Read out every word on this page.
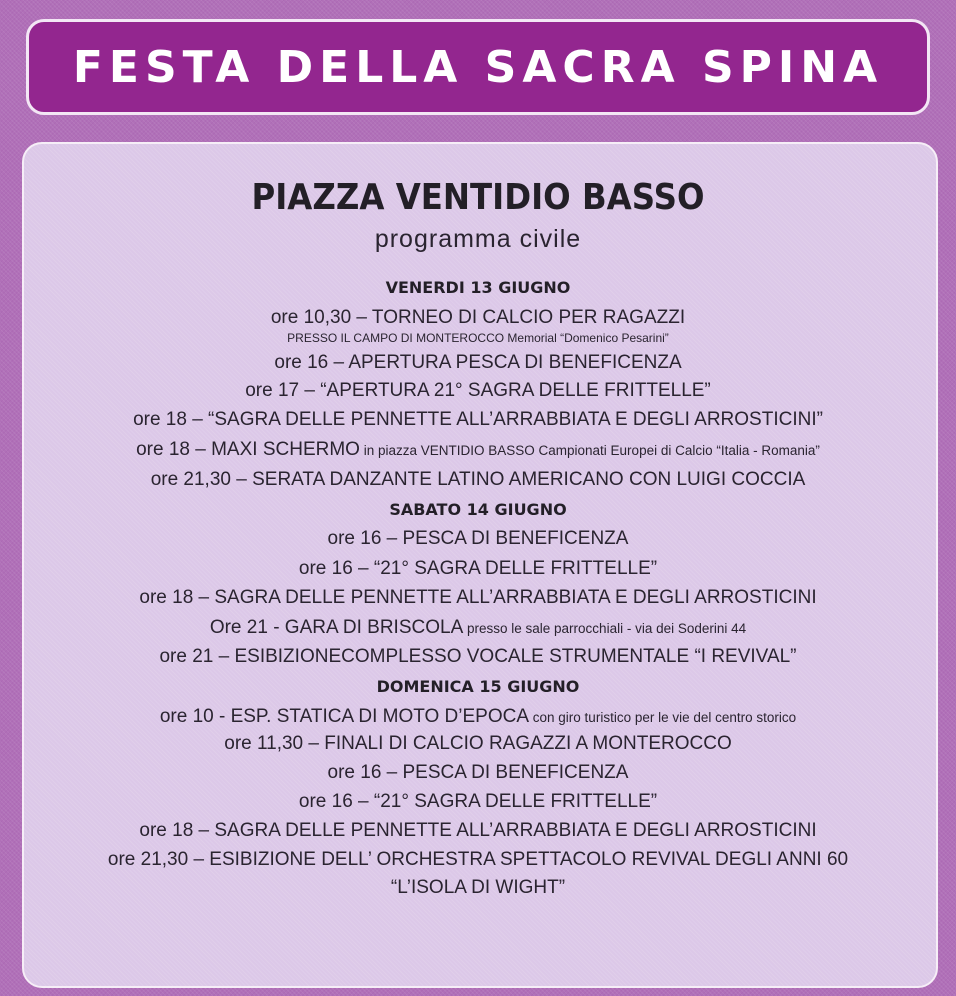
FESTA DELLA SACRA SPINA
PIAZZA VENTIDIO BASSO
programma civile
VENERDI 13 GIUGNO
ore 10,30 – TORNEO DI CALCIO PER RAGAZZI
PRESSO IL CAMPO DI MONTEROCCO Memorial “Domenico Pesarini”
ore 16 – APERTURA PESCA DI BENEFICENZA
ore 17 – “APERTURA 21° SAGRA DELLE FRITTELLE”
ore 18 – “SAGRA DELLE PENNETTE ALL’ARRABBIATA E DEGLI ARROSTICINI”
ore 18 – MAXI SCHERMO in piazza VENTIDIO BASSO Campionati Europei di Calcio “Italia - Romania”
ore 21,30 – SERATA DANZANTE LATINO AMERICANO CON LUIGI COCCIA
SABATO 14 GIUGNO
ore 16 – PESCA DI BENEFICENZA
ore 16 – “21° SAGRA DELLE FRITTELLE”
ore 18 – SAGRA DELLE PENNETTE ALL’ARRABBIATA E DEGLI ARROSTICINI
Ore 21 - GARA DI BRISCOLA presso le sale parrocchiali - via dei Soderini 44
ore 21 – ESIBIZIONECOMPLESSO VOCALE STRUMENTALE “I REVIVAL”
DOMENICA 15 GIUGNO
ore 10 - ESP. STATICA DI MOTO D’EPOCA con giro turistico per le vie del centro storico
ore 11,30 – FINALI DI CALCIO RAGAZZI A MONTEROCCO
ore 16 – PESCA DI BENEFICENZA
ore 16 – “21° SAGRA DELLE FRITTELLE”
ore 18 – SAGRA DELLE PENNETTE ALL’ARRABBIATA E DEGLI ARROSTICINI
ore 21,30 – ESIBIZIONE DELL’ ORCHESTRA SPETTACOLO REVIVAL DEGLI ANNI 60
“L’ISOLA DI WIGHT”
